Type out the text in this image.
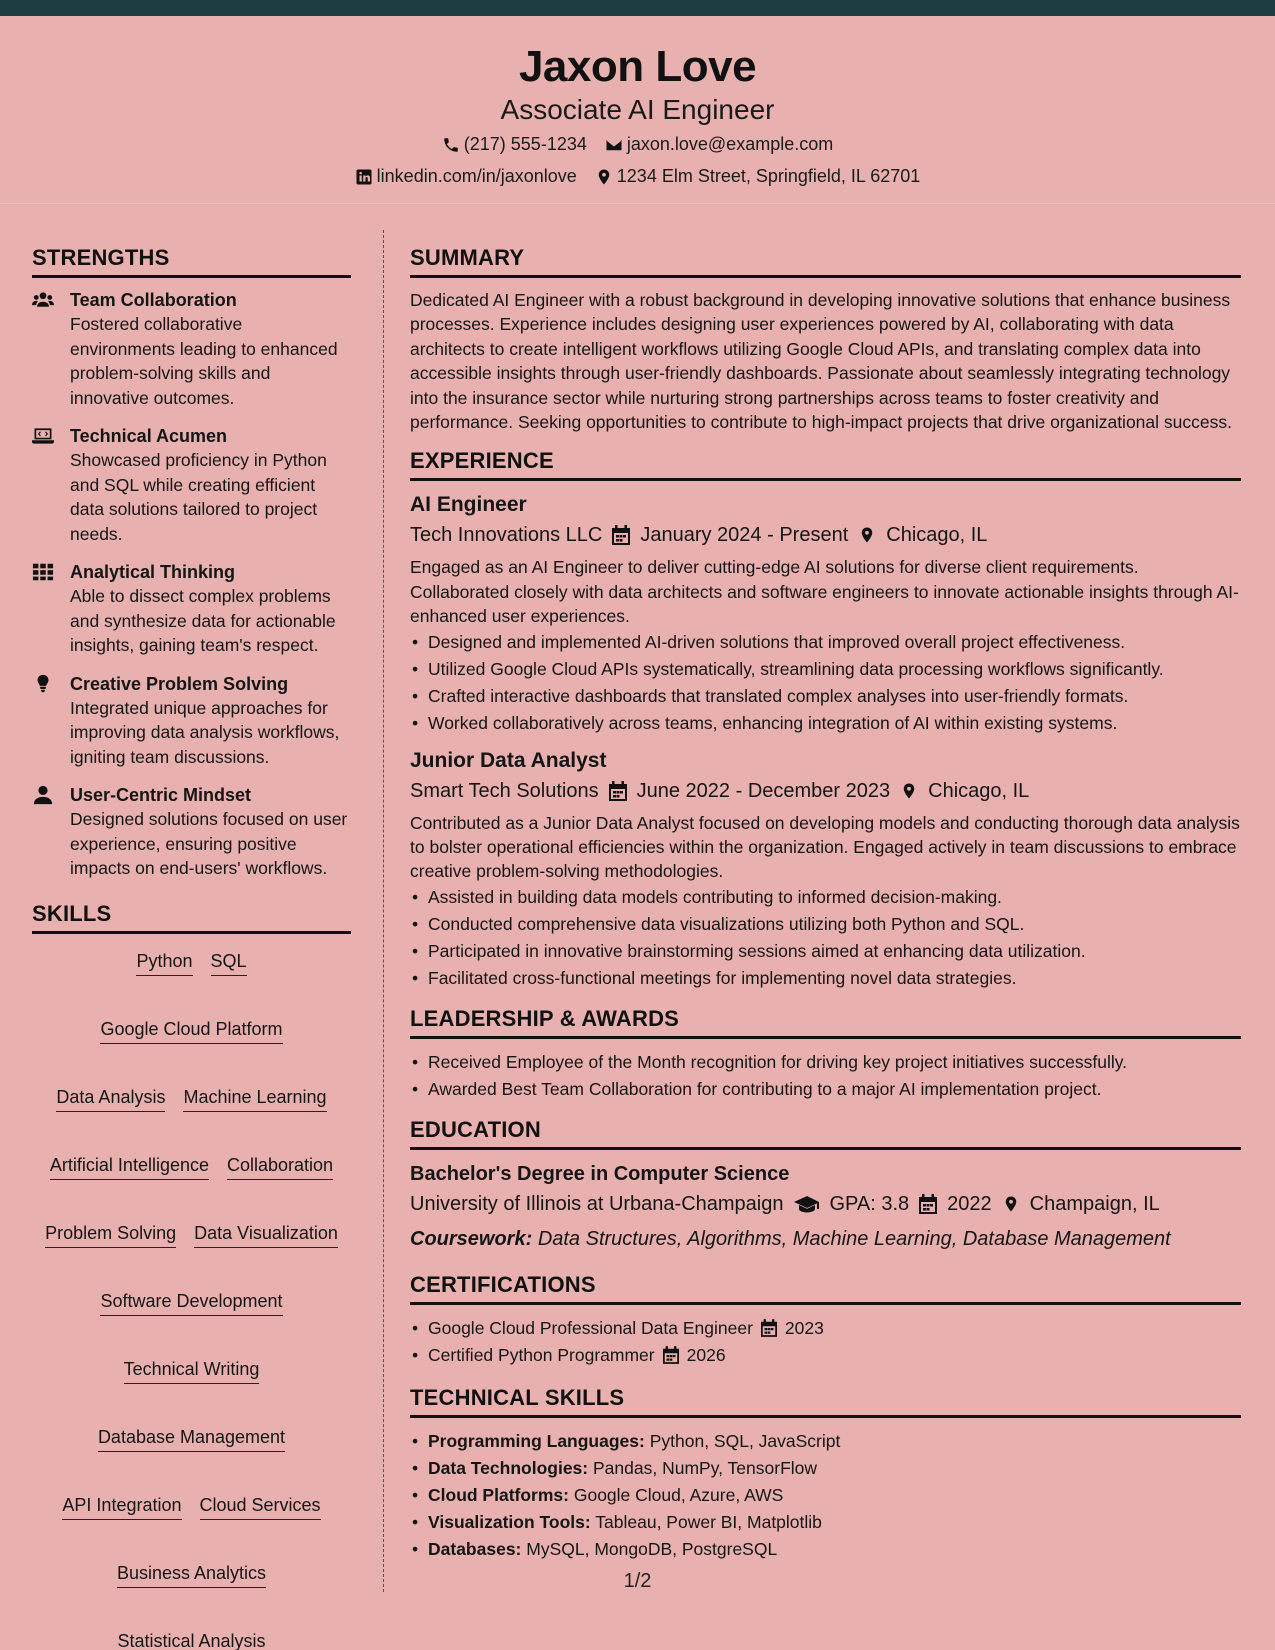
Jaxon Love
Associate AI Engineer
(217) 555-1234 jaxon.love@example.com
linkedin.com/in/jaxonlove 1234 Elm Street, Springfield, IL 62701
STRENGTHS
Team Collaboration
Fostered collaborative environments leading to enhanced problem-solving skills and innovative outcomes.
Technical Acumen
Showcased proficiency in Python and SQL while creating efficient data solutions tailored to project needs.
Analytical Thinking
Able to dissect complex problems and synthesize data for actionable insights, gaining team's respect.
Creative Problem Solving
Integrated unique approaches for improving data analysis workflows, igniting team discussions.
User-Centric Mindset
Designed solutions focused on user experience, ensuring positive impacts on end-users' workflows.
SKILLS
Python SQL
Google Cloud Platform
Data Analysis Machine Learning
Artificial Intelligence Collaboration
Problem Solving Data Visualization
Software Development
Technical Writing
Database Management
API Integration Cloud Services
Business Analytics
Statistical Analysis
SUMMARY
Dedicated AI Engineer with a robust background in developing innovative solutions that enhance business processes. Experience includes designing user experiences powered by AI, collaborating with data architects to create intelligent workflows utilizing Google Cloud APIs, and translating complex data into accessible insights through user-friendly dashboards. Passionate about seamlessly integrating technology into the insurance sector while nurturing strong partnerships across teams to foster creativity and performance. Seeking opportunities to contribute to high-impact projects that drive organizational success.
EXPERIENCE
AI Engineer
Tech Innovations LLC January 2024 - Present Chicago, IL
Engaged as an AI Engineer to deliver cutting-edge AI solutions for diverse client requirements. Collaborated closely with data architects and software engineers to innovate actionable insights through AI-enhanced user experiences.
• Designed and implemented AI-driven solutions that improved overall project effectiveness.
• Utilized Google Cloud APIs systematically, streamlining data processing workflows significantly.
• Crafted interactive dashboards that translated complex analyses into user-friendly formats.
• Worked collaboratively across teams, enhancing integration of AI within existing systems.
Junior Data Analyst
Smart Tech Solutions June 2022 - December 2023 Chicago, IL
Contributed as a Junior Data Analyst focused on developing models and conducting thorough data analysis to bolster operational efficiencies within the organization. Engaged actively in team discussions to embrace creative problem-solving methodologies.
• Assisted in building data models contributing to informed decision-making.
• Conducted comprehensive data visualizations utilizing both Python and SQL.
• Participated in innovative brainstorming sessions aimed at enhancing data utilization.
• Facilitated cross-functional meetings for implementing novel data strategies.
LEADERSHIP & AWARDS
• Received Employee of the Month recognition for driving key project initiatives successfully.
• Awarded Best Team Collaboration for contributing to a major AI implementation project.
EDUCATION
Bachelor's Degree in Computer Science
University of Illinois at Urbana-Champaign GPA: 3.8 2022 Champaign, IL
Coursework: Data Structures, Algorithms, Machine Learning, Database Management
CERTIFICATIONS
• Google Cloud Professional Data Engineer 2023
• Certified Python Programmer 2026
TECHNICAL SKILLS
• Programming Languages: Python, SQL, JavaScript
• Data Technologies: Pandas, NumPy, TensorFlow
• Cloud Platforms: Google Cloud, Azure, AWS
• Visualization Tools: Tableau, Power BI, Matplotlib
• Databases: MySQL, MongoDB, PostgreSQL
1/2
